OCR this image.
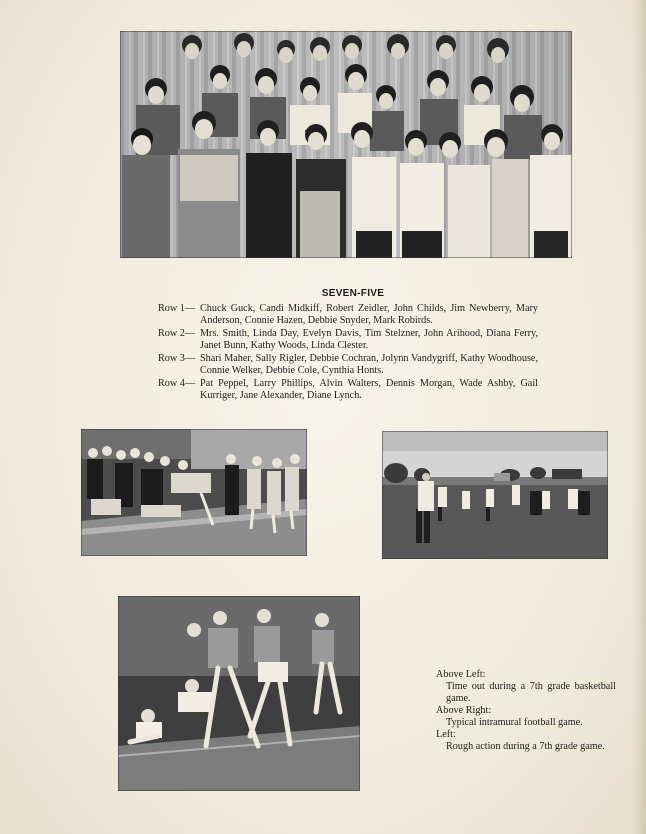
SEVEN-FIVE
Row 1— Chuck Guck, Candi Midkiff, Robert Zeidler, John Childs, Jim Newberry, Mary Anderson, Connie Hazen, Debbie Snyder, Mark Robirds.
Row 2— Mrs. Smith, Linda Day, Evelyn Davis, Tim Stelzner, John Arihood, Diana Ferry, Janet Bunn, Kathy Woods, Linda Clester.
Row 3— Shari Maher, Sally Rigler, Debbie Cochran, Jolynn Vandygriff, Kathy Woodhouse, Connie Welker, Debbie Cole, Cynthia Honts.
Row 4— Pat Peppel, Larry Phillips, Alvin Walters, Dennis Morgan, Wade Ashby, Gail Kurriger, Jane Alexander, Diane Lynch.
Above Left:
Time out during a 7th grade basketball game.
Above Right:
Typical intramural football game.
Left:
Rough action during a 7th grade game.
